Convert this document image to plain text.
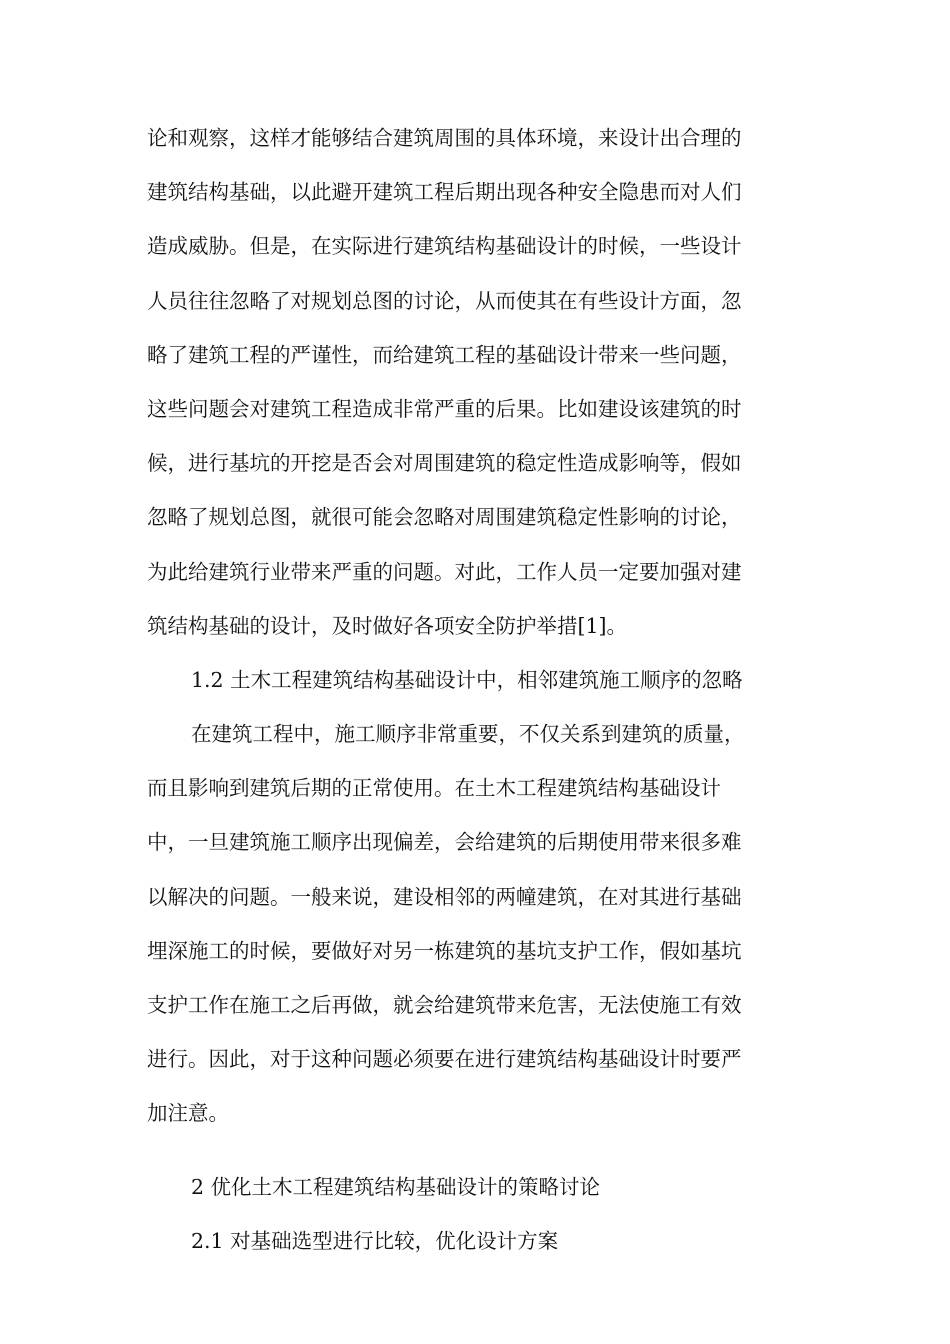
论和观察，这样才能够结合建筑周围的具体环境，来设计出合理的
建筑结构基础，以此避开建筑工程后期出现各种安全隐患而对人们
造成威胁。但是，在实际进行建筑结构基础设计的时候，一些设计
人员往往忽略了对规划总图的讨论，从而使其在有些设计方面，忽
略了建筑工程的严谨性，而给建筑工程的基础设计带来一些问题，
这些问题会对建筑工程造成非常严重的后果。比如建设该建筑的时
候，进行基坑的开挖是否会对周围建筑的稳定性造成影响等，假如
忽略了规划总图，就很可能会忽略对周围建筑稳定性影响的讨论，
为此给建筑行业带来严重的问题。对此，工作人员一定要加强对建
筑结构基础的设计，及时做好各项安全防护举措[1]。
1.2 土木工程建筑结构基础设计中，相邻建筑施工顺序的忽略
在建筑工程中，施工顺序非常重要，不仅关系到建筑的质量，
而且影响到建筑后期的正常使用。在土木工程建筑结构基础设计
中，一旦建筑施工顺序出现偏差，会给建筑的后期使用带来很多难
以解决的问题。一般来说，建设相邻的两幢建筑，在对其进行基础
埋深施工的时候，要做好对另一栋建筑的基坑支护工作，假如基坑
支护工作在施工之后再做，就会给建筑带来危害，无法使施工有效
进行。因此，对于这种问题必须要在进行建筑结构基础设计时要严
加注意。
2 优化土木工程建筑结构基础设计的策略讨论
2.1 对基础选型进行比较，优化设计方案
